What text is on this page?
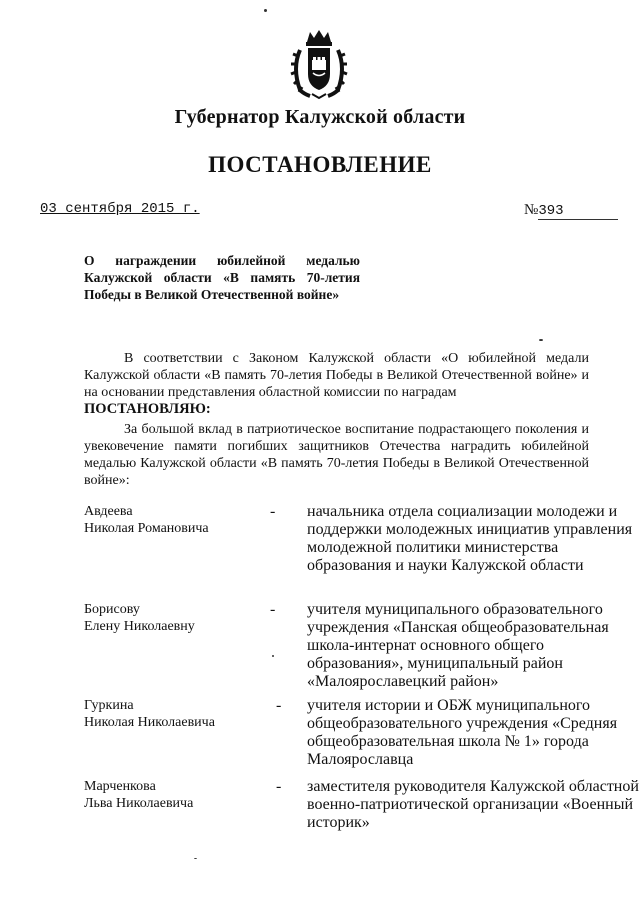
Губернатор Калужской области
ПОСТАНОВЛЕНИЕ
03 сентября 2015 г.	№393
О награждении юбилейной медалью Калужской области «В память 70-летия Победы в Великой Отечественной войне»
В соответствии с Законом Калужской области «О юбилейной медали Калужской области «В память 70-летия Победы в Великой Отечественной войне» и на основании представления областной комиссии по наградам
ПОСТАНОВЛЯЮ:
За большой вклад в патриотическое воспитание подрастающего поколения и увековечение памяти погибших защитников Отечества наградить юбилейной медалью Калужской области «В память 70-летия Победы в Великой Отечественной войне»:
Авдеева
Николая Романовича
- начальника отдела социализации молодежи и поддержки молодежных инициатив управления молодежной политики министерства образования и науки Калужской области
Борисову
Елену Николаевну
- учителя муниципального образовательного учреждения «Панская общеобразовательная школа-интернат основного общего образования», муниципальный район «Малоярославецкий район»
Гуркина
Николая Николаевича
- учителя истории и ОБЖ муниципального общеобразовательного учреждения «Средняя общеобразовательная школа № 1» города Малоярославца
Марченкова
Льва Николаевича
- заместителя руководителя Калужской областной военно-патриотической организации «Военный историк»
